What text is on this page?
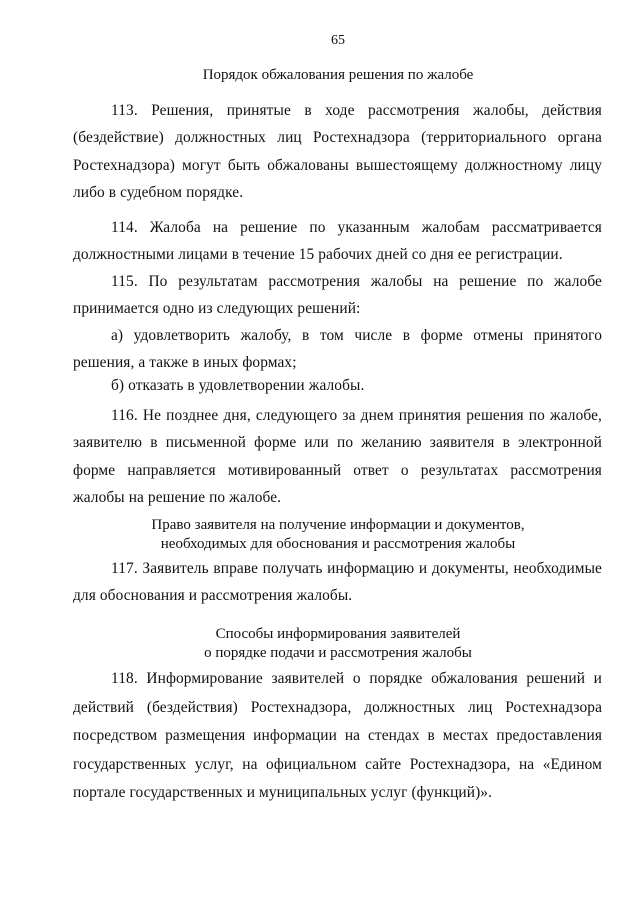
65
Порядок обжалования решения по жалобе

113. Решения, принятые в ходе рассмотрения жалобы, действия (бездействие) должностных лиц Ростехнадзора (территориального органа Ростехнадзора) могут быть обжалованы вышестоящему должностному лицу либо в судебном порядке.

114. Жалоба на решение по указанным жалобам рассматривается должностными лицами в течение 15 рабочих дней со дня ее регистрации.

115. По результатам рассмотрения жалобы на решение по жалобе принимается одно из следующих решений:

а) удовлетворить жалобу, в том числе в форме отмены принятого решения, а также в иных формах;

б) отказать в удовлетворении жалобы.

116. Не позднее дня, следующего за днем принятия решения по жалобе, заявителю в письменной форме или по желанию заявителя в электронной форме направляется мотивированный ответ о результатах рассмотрения жалобы на решение по жалобе.

Право заявителя на получение информации и документов,
необходимых для обоснования и рассмотрения жалобы

117. Заявитель вправе получать информацию и документы, необходимые для обоснования и рассмотрения жалобы.

Способы информирования заявителей
о порядке подачи и рассмотрения жалобы

118. Информирование заявителей о порядке обжалования решений и действий (бездействия) Ростехнадзора, должностных лиц Ростехнадзора посредством размещения информации на стендах в местах предоставления государственных услуг, на официальном сайте Ростехнадзора, на «Едином портале государственных и муниципальных услуг (функций)».
